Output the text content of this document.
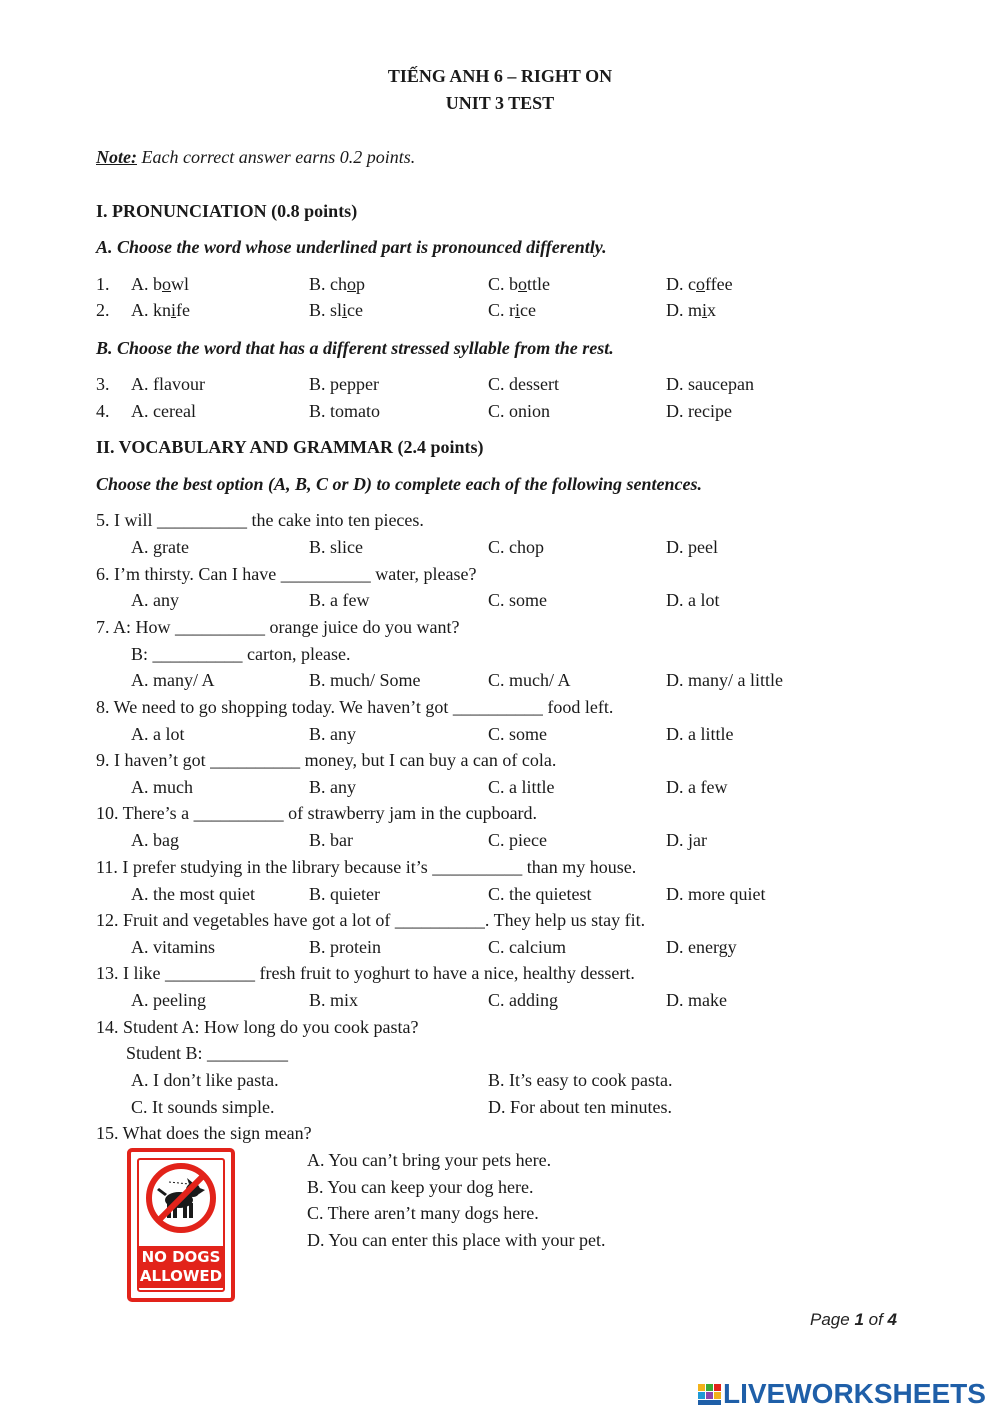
TIẾNG ANH 6 – RIGHT ON
UNIT 3 TEST
Note: Each correct answer earns 0.2 points.
I. PRONUNCIATION (0.8 points)
A. Choose the word whose underlined part is pronounced differently.
1. A. bowl	B. chop	C. bottle	D. coffee
2. A. knife	B. slice	C. rice	D. mix
B. Choose the word that has a different stressed syllable from the rest.
3. A. flavour	B. pepper	C. dessert	D. saucepan
4. A. cereal	B. tomato	C. onion	D. recipe
II. VOCABULARY AND GRAMMAR (2.4 points)
Choose the best option (A, B, C or D) to complete each of the following sentences.
5. I will __________ the cake into ten pieces.
A. grate	B. slice	C. chop	D. peel
6. I’m thirsty. Can I have __________ water, please?
A. any	B. a few	C. some	D. a lot
7. A: How __________ orange juice do you want?
B: __________ carton, please.
A. many/ A	B. much/ Some	C. much/ A	D. many/ a little
8. We need to go shopping today. We haven’t got __________ food left.
A. a lot	B. any	C. some	D. a little
9. I haven’t got __________ money, but I can buy a can of cola.
A. much	B. any	C. a little	D. a few
10. There’s a __________ of strawberry jam in the cupboard.
A. bag	B. bar	C. piece	D. jar
11. I prefer studying in the library because it’s __________ than my house.
A. the most quiet	B. quieter	C. the quietest	D. more quiet
12. Fruit and vegetables have got a lot of __________. They help us stay fit.
A. vitamins	B. protein	C. calcium	D. energy
13. I like __________ fresh fruit to yoghurt to have a nice, healthy dessert.
A. peeling	B. mix	C. adding	D. make
14. Student A: How long do you cook pasta?
Student B: _________
A. I don’t like pasta.	B. It’s easy to cook pasta.
C. It sounds simple.	D. For about ten minutes.
15. What does the sign mean?
NO DOGS
ALLOWED
A. You can’t bring your pets here.
B. You can keep your dog here.
C. There aren’t many dogs here.
D. You can enter this place with your pet.
Page 1 of 4
LIVEWORKSHEETS
